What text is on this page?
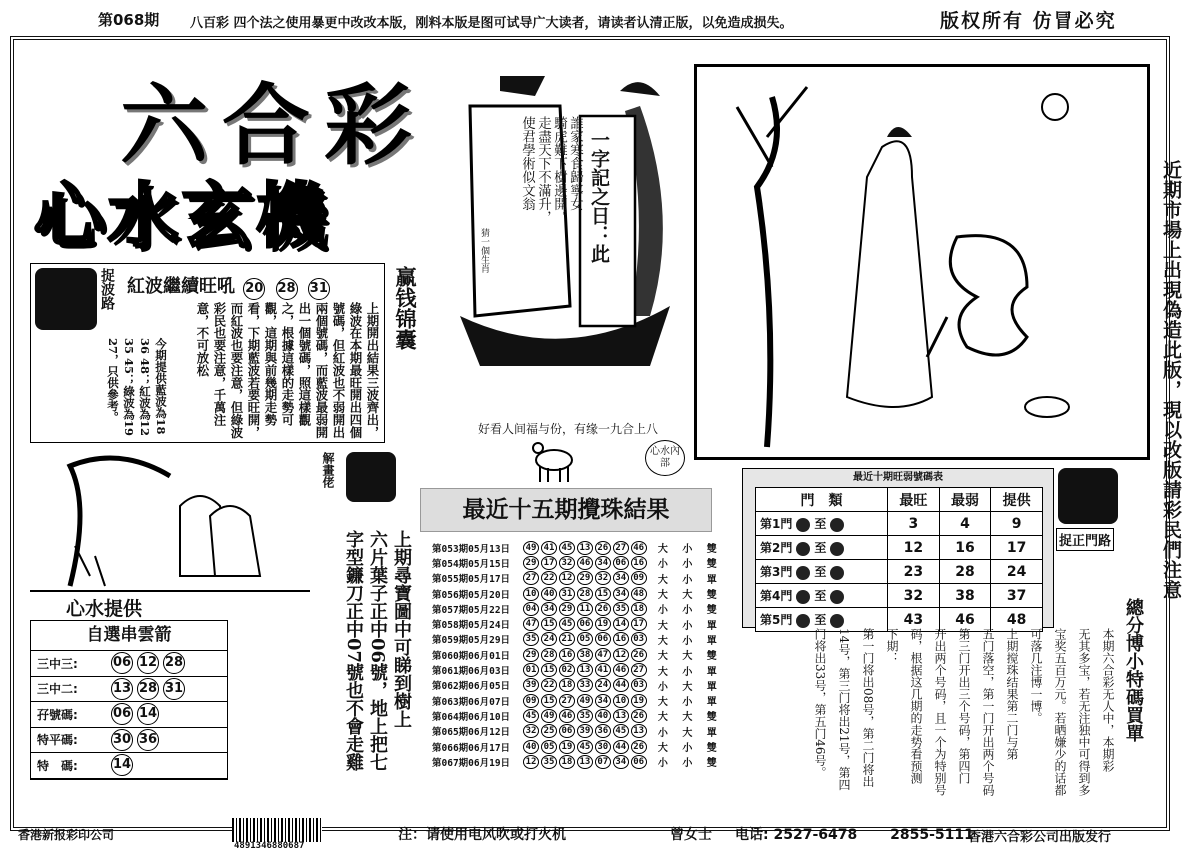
第068期 八百彩 四个法之使用暴更中改改本版，刚料本版是图可试导广大读者，请读者认清正版，以免造成损失。	版权所有 仿冒必究
六合彩
心水玄機
赢钱锦囊
一字記之日：此
誰家寒食歸寧女
騎虎難下樹邊開。
走盡天下不滿升，
使君學術似文翁
猜一個生肖	近期市場上出現偽造此版，現以改版請彩民們注意
捉波路 紅波繼續旺吼 20 28 31
上期開出結果三波齊出，綠波在本期最旺開出四個號碼，但紅波也不弱開出兩個號碼，而藍波最弱開出一個號碼，照這樣觀之，根據這樣的走勢可觀，這期與前幾期走勢看，下期藍波若要旺開，而紅波也要注意，但綠波彩民也要注意，千萬注意，不可放松
今期提供藍波為18 36 48；紅波為12 35 45；綠波為19 27，只供參考。
好看人间福与份，有缘一九合上八
心水內部
解畫佬
六片葉子正中06號，地上把七
字型鐮刀正中07號也不會走雞 上期尋寶圖中可睇到樹上
心水提供
自選串雲箭
三中三:	06 12 28
三中二:	13 28 31
孖號碼:	06 14
特平碼:	30 36
特　碼:	14
最近十五期攪珠結果
第053期05月13日	49 41 45 13 26 27 46	大	小	雙
第054期05月15日	29 17 32 46 34 06 16	小	小	雙
第055期05月17日	27 22 12 29 32 34 09	大	小	單
第056期05月20日	10 40 31 28 15 34 48	大	大	雙
第057期05月22日	04 34 29 11 26 35 18	小	小	雙
第058期05月24日	47 15 45 06 19 14 17	大	小	單
第059期05月29日	35 24 21 05 06 16 03	大	小	單
第060期06月01日	29 28 16 38 47 12 26	大	大	雙
第061期06月03日	01 15 02 13 41 46 27	大	小	單
第062期06月05日	39 22 18 33 24 44 03	小	大	單
第063期06月07日	09 15 27 49 34 10 19	大	小	單
第064期06月10日	45 49 46 35 40 13 26	大	大	雙
第065期06月12日	32 25 06 39 36 45 13	小	大	單
第066期06月17日	40 05 19 45 30 44 26	大	小	雙
第067期06月19日	12 35 18 13 07 34 06	小	小	雙
最近十期旺弱號碼表
門　類	最旺	最弱	提供
第1門 至	3	4	9
第2門 至	12	16	17
第3門 至	23	28	24
第4門 至	32	38	37
第5門 至	43	46	48
捉正門路
總分博小特碼買單
本期六合彩无人中，本期彩
无其多宝，若无注独中可得到多
宝奖五百万元。若晒嫌少的话都
可落几注博一博。
上期搅珠结果第二门与第
五门落空，第一门开出两个号码
第三门开出三个号码，第四门
开出两个号码，且一个为特别号
码，根据这几期的走势看预测
下期：
第一门将出08号，第二门将出
14号，第三门将出21号，第四
门将出33号，第五门46号。
香港新报彩印公司
4891346880687
注：请使用电风吹或打火机	曾女士 电话: 2527-6478 2855-5111
香港六合彩公司出版发行
